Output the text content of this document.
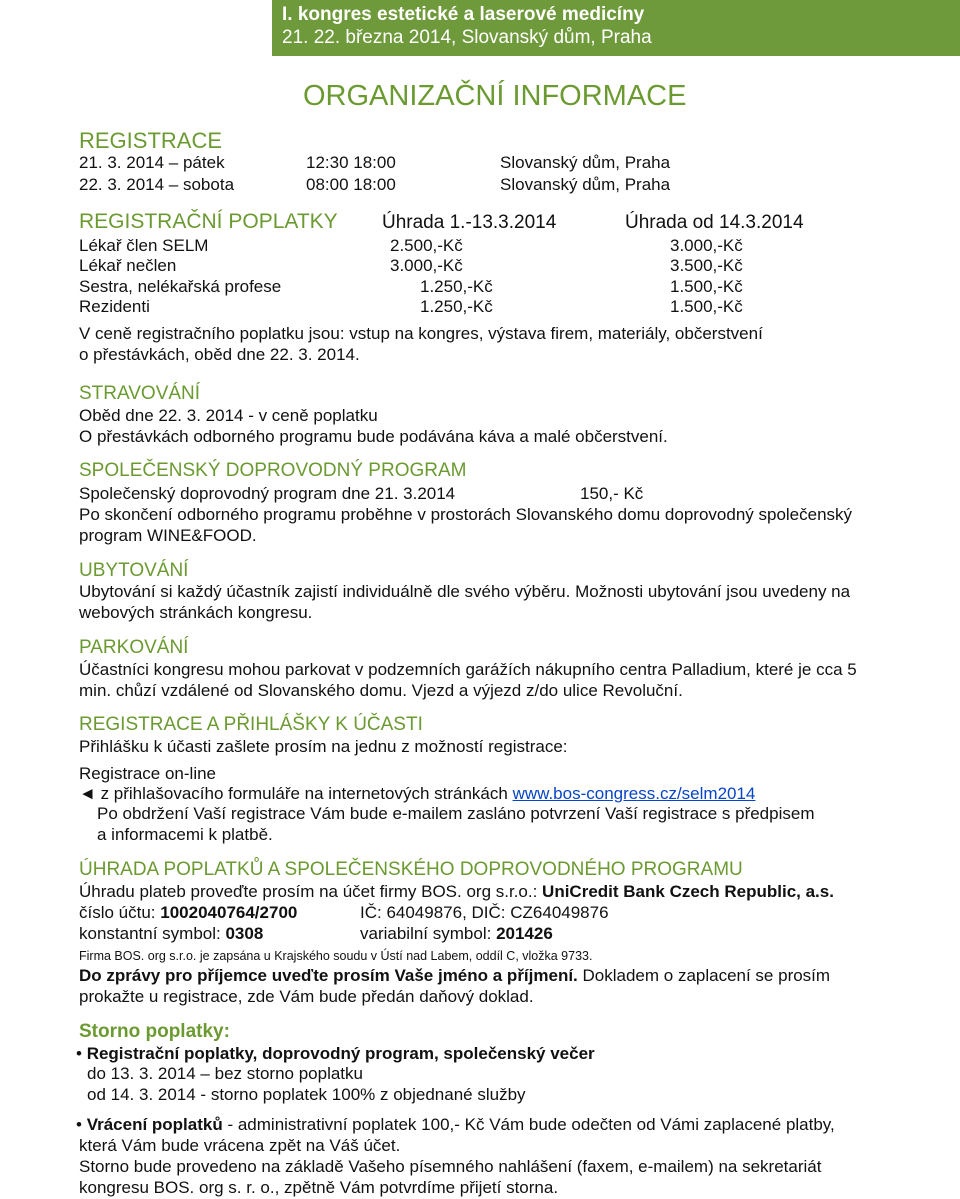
I. kongres estetické a laserové medicíny
21. 22. března 2014, Slovanský dům, Praha
ORGANIZAČNÍ INFORMACE
REGISTRACE
21. 3. 2014 – pátek	12:30 18:00	Slovanský dům, Praha
22. 3. 2014 – sobota	08:00 18:00	Slovanský dům, Praha
REGISTRAČNÍ POPLATKY Úhrada 1.-13.3.2014	Úhrada od 14.3.2014
Lékař člen SELM	2.500,-Kč	3.000,-Kč
Lékař nečlen	3.000,-Kč	3.500,-Kč
Sestra, nelékařská profese	1.250,-Kč	1.500,-Kč
Rezidenti	1.250,-Kč	1.500,-Kč
V ceně registračního poplatku jsou: vstup na kongres, výstava firem, materiály, občerstvení
o přestávkách, oběd dne 22. 3. 2014.
STRAVOVÁNÍ
Oběd dne 22. 3. 2014 - v ceně poplatku
O přestávkách odborného programu bude podávána káva a malé občerstvení.
SPOLEČENSKÝ DOPROVODNÝ PROGRAM
Společenský doprovodný program dne 21. 3.2014	150,- Kč
Po skončení odborného programu proběhne v prostorách Slovanského domu doprovodný společenský
program WINE&FOOD.
UBYTOVÁNÍ
Ubytování si každý účastník zajistí individuálně dle svého výběru. Možnosti ubytování jsou uvedeny na
webových stránkách kongresu.
PARKOVÁNÍ
Účastníci kongresu mohou parkovat v podzemních garážích nákupního centra Palladium, které je cca 5
min. chůzí vzdálené od Slovanského domu. Vjezd a výjezd z/do ulice Revoluční.
REGISTRACE A PŘIHLÁŠKY K ÚČASTI
Přihlášku k účasti zašlete prosím na jednu z možností registrace:
Registrace on-line
◄ z přihlašovacího formuláře na internetových stránkách www.bos-congress.cz/selm2014
Po obdržení Vaší registrace Vám bude e-mailem zasláno potvrzení Vaší registrace s předpisem
a informacemi k platbě.
ÚHRADA POPLATKŮ A SPOLEČENSKÉHO DOPROVODNÉHO PROGRAMU
Úhradu plateb proveďte prosím na účet firmy BOS. org s.r.o.: UniCredit Bank Czech Republic, a.s.
číslo účtu: 1002040764/2700	IČ: 64049876, DIČ: CZ64049876
konstantní symbol: 0308	variabilní symbol: 201426
Firma BOS. org s.r.o. je zapsána u Krajského soudu v Ústí nad Labem, oddíl C, vložka 9733.
Do zprávy pro příjemce uveďte prosím Vaše jméno a příjmení. Dokladem o zaplacení se prosím
prokažte u registrace, zde Vám bude předán daňový doklad.
Storno poplatky:
• Registrační poplatky, doprovodný program, společenský večer
do 13. 3. 2014 – bez storno poplatku
od 14. 3. 2014 - storno poplatek 100% z objednané služby
• Vrácení poplatků - administrativní poplatek 100,- Kč Vám bude odečten od Vámi zaplacené platby,
která Vám bude vrácena zpět na Váš účet.
Storno bude provedeno na základě Vašeho písemného nahlášení (faxem, e-mailem) na sekretariát
kongresu BOS. org s. r. o., zpětně Vám potvrdíme přijetí storna.
